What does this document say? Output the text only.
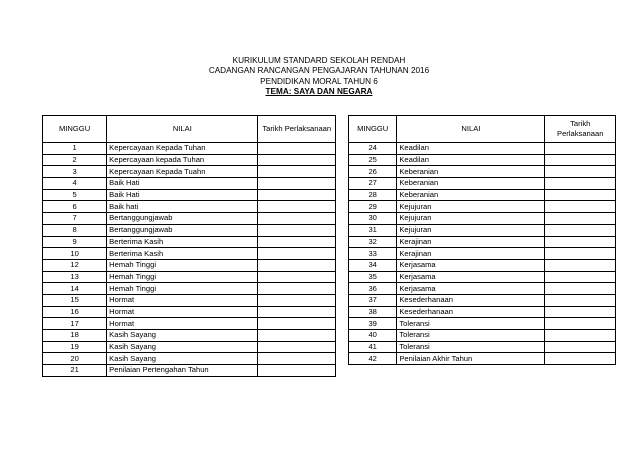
KURIKULUM STANDARD SEKOLAH RENDAH
CADANGAN RANCANGAN PENGAJARAN TAHUNAN 2016
PENDIDIKAN MORAL TAHUN 6
TEMA: SAYA DAN NEGARA
MINGGU	NILAI	Tarikh Perlaksanaan
1	Kepercayaan Kepada Tuhan	
2	Kepercayaan kepada Tuhan	
3	Kepercayaan Kepada Tuahn	
4	Baik Hati	
5	Baik Hati	
6	Baik hati	
7	Bertanggungjawab	
8	Bertanggungjawab	
9	Berterima Kasih	
10	Berterima Kasih	
12	Hemah Tinggi	
13	Hemah Tinggi	
14	Hemah Tinggi	
15	Hormat	
16	Hormat	
17	Hormat	
18	Kasih Sayang	
19	Kasih Sayang	
20	Kasih Sayang	
21	Penilaian Pertengahan Tahun	
MINGGU	NILAI	Tarikh Perlaksanaan
24	Keadilan	
25	Keadilan	
26	Keberanian	
27	Keberanian	
28	Keberanian	
29	Kejujuran	
30	Kejujuran	
31	Kejujuran	
32	Kerajinan	
33	Kerajinan	
34	Kerjasama	
35	Kerjasama	
36	Kerjasama	
37	Kesederhanaan	
38	Kesederhanaan	
39	Toleransi	
40	Toleransi	
41	Toleransi	
42	Penilaian Akhir Tahun	
